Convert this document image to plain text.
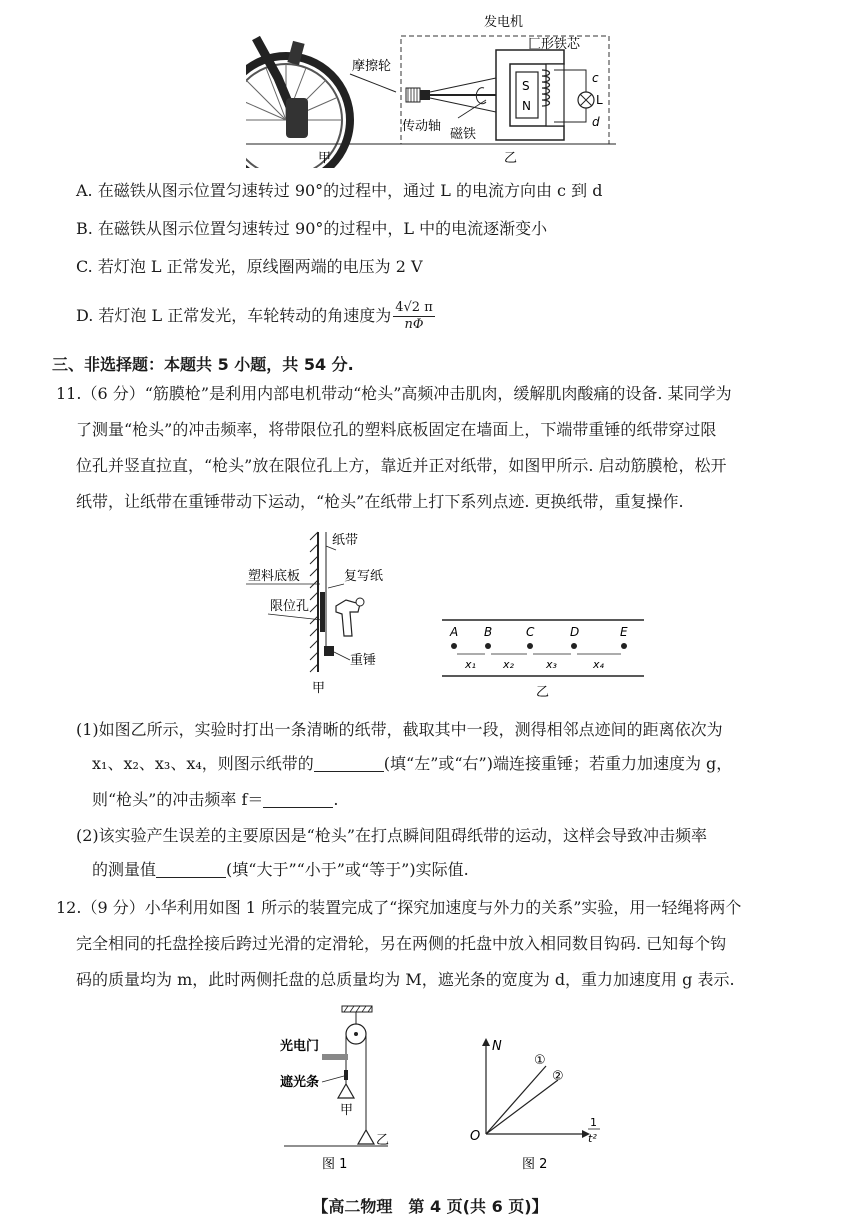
摩擦轮
发电机
S
N
匚形铁芯
传动轴
磁铁
c
L
d
甲	乙
A. 在磁铁从图示位置匀速转过 90°的过程中，通过 L 的电流方向由 c 到 d
B. 在磁铁从图示位置匀速转过 90°的过程中，L 中的电流逐渐变小
C. 若灯泡 L 正常发光，原线圈两端的电压为 2 V
D. 若灯泡 L 正常发光，车轮转动的角速度为 $\frac{4√2 \pi}{n\Phi}$
三、非选择题：本题共 5 小题，共 54 分.
11.（6 分）“筋膜枪”是利用内部电机带动“枪头”高频冲击肌肉，缓解肌肉酸痛的设备. 某同学为
了测量“枪头”的冲击频率，将带限位孔的塑料底板固定在墙面上，下端带重锤的纸带穿过限
位孔并竖直拉直，“枪头”放在限位孔上方，靠近并正对纸带，如图甲所示. 启动筋膜枪，松开
纸带，让纸带在重锤带动下运动，“枪头”在纸带上打下系列点迹. 更换纸带，重复操作.
纸带
塑料底板	复写纸
限位孔
重锤
甲
A B	C	D	E
x₁ x₂	x₃	x₄
乙
(1)如图乙所示，实验时打出一条清晰的纸带，截取其中一段，测得相邻点迹间的距离依次为
x₁、x₂、x₃、x₄，则图示纸带的	(填“左”或“右”)端连接重锤；若重力加速度为 g，
则“枪头”的冲击频率 f＝	.
(2)该实验产生误差的主要原因是“枪头”在打点瞬间阻碍纸带的运动，这样会导致冲击频率
的测量值	(填“大于”“小于”或“等于”)实际值.
12.（9 分）小华利用如图 1 所示的装置完成了“探究加速度与外力的关系”实验，用一轻绳将两个
完全相同的托盘拴接后跨过光滑的定滑轮，另在两侧的托盘中放入相同数目钩码. 已知每个钩
码的质量均为 m，此时两侧托盘的总质量均为 M，遮光条的宽度为 d，重力加速度用 g 表示.
光电门
遮光条
甲
乙
图 1
N
O
1
t²
①
②
图 2
【高二物理　第 4 页(共 6 页)】
